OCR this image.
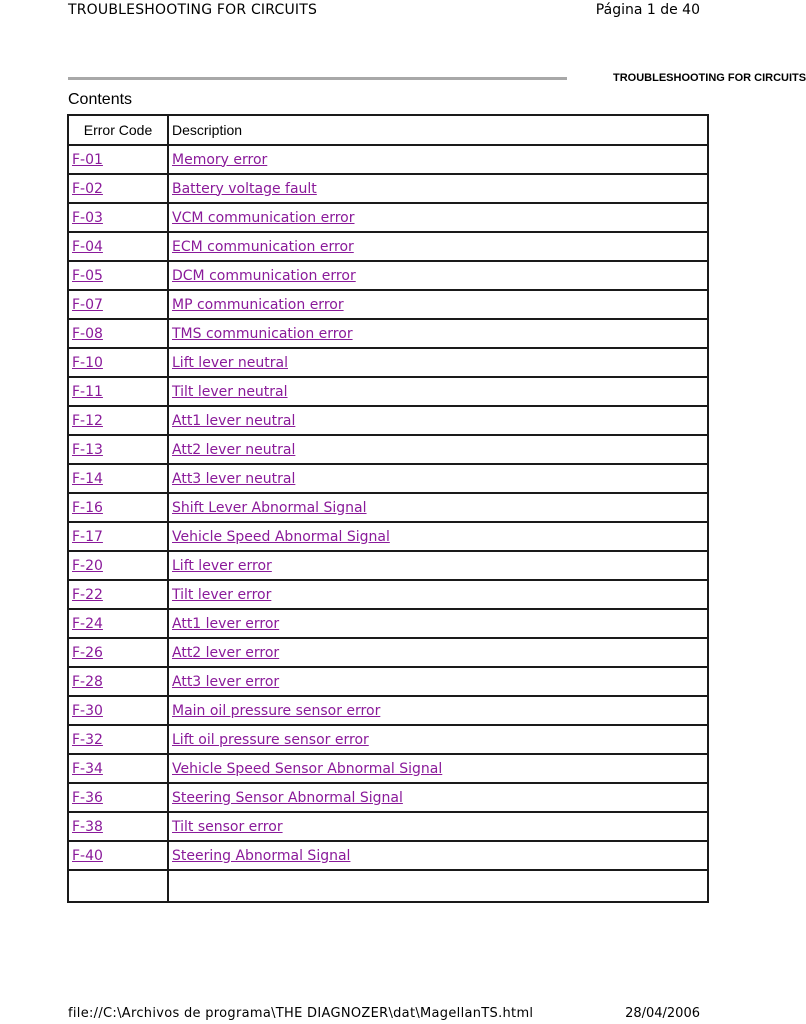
TROUBLESHOOTING FOR CIRCUITS	Página 1 de 40
TROUBLESHOOTING FOR CIRCUITS
Contents
Error Code	Description
F-01	Memory error
F-02	Battery voltage fault
F-03	VCM communication error
F-04	ECM communication error
F-05	DCM communication error
F-07	MP communication error
F-08	TMS communication error
F-10	Lift lever neutral
F-11	Tilt lever neutral
F-12	Att1 lever neutral
F-13	Att2 lever neutral
F-14	Att3 lever neutral
F-16	Shift Lever Abnormal Signal
F-17	Vehicle Speed Abnormal Signal
F-20	Lift lever error
F-22	Tilt lever error
F-24	Att1 lever error
F-26	Att2 lever error
F-28	Att3 lever error
F-30	Main oil pressure sensor error
F-32	Lift oil pressure sensor error
F-34	Vehicle Speed Sensor Abnormal Signal
F-36	Steering Sensor Abnormal Signal
F-38	Tilt sensor error
F-40	Steering Abnormal Signal

file://C:\Archivos de programa\THE DIAGNOZER\dat\MagellanTS.html	28/04/2006
